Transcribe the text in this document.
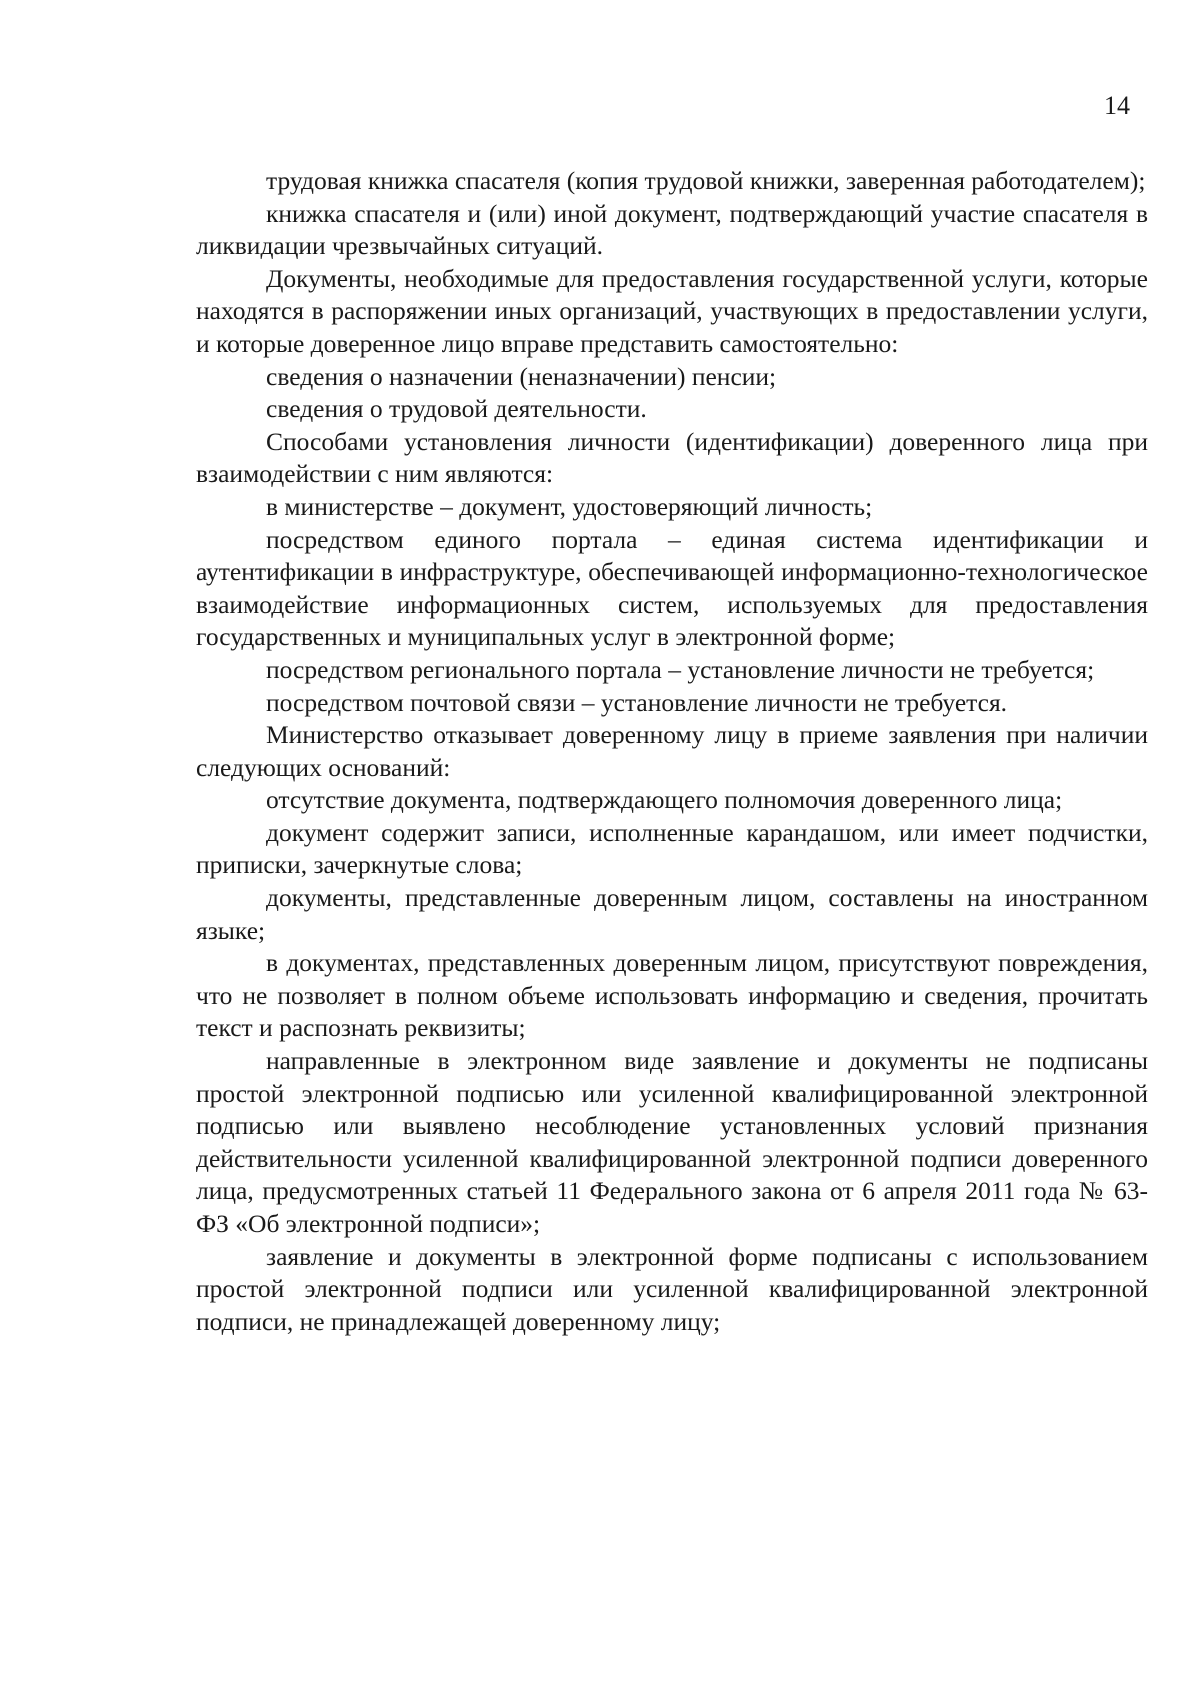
14

трудовая книжка спасателя (копия трудовой книжки, заверенная работодателем);

книжка спасателя и (или) иной документ, подтверждающий участие спасателя в ликвидации чрезвычайных ситуаций.

Документы, необходимые для предоставления государственной услуги, которые находятся в распоряжении иных организаций, участвующих в предоставлении услуги, и которые доверенное лицо вправе представить самостоятельно:

сведения о назначении (неназначении) пенсии;

сведения о трудовой деятельности.

Способами установления личности (идентификации) доверенного лица при взаимодействии с ним являются:

в министерстве – документ, удостоверяющий личность;

посредством единого портала – единая система идентификации и аутентификации в инфраструктуре, обеспечивающей информационно-технологическое взаимодействие информационных систем, используемых для предоставления государственных и муниципальных услуг в электронной форме;

посредством регионального портала – установление личности не требуется;

посредством почтовой связи – установление личности не требуется.

Министерство отказывает доверенному лицу в приеме заявления при наличии следующих оснований:

отсутствие документа, подтверждающего полномочия доверенного лица;

документ содержит записи, исполненные карандашом, или имеет подчистки, приписки, зачеркнутые слова;

документы, представленные доверенным лицом, составлены на иностранном языке;

в документах, представленных доверенным лицом, присутствуют повреждения, что не позволяет в полном объеме использовать информацию и сведения, прочитать текст и распознать реквизиты;

направленные в электронном виде заявление и документы не подписаны простой электронной подписью или усиленной квалифицированной электронной подписью или выявлено несоблюдение установленных условий признания действительности усиленной квалифицированной электронной подписи доверенного лица, предусмотренных статьей 11 Федерального закона от 6 апреля 2011 года № 63-ФЗ «Об электронной подписи»;

заявление и документы в электронной форме подписаны с использованием простой электронной подписи или усиленной квалифицированной электронной подписи, не принадлежащей доверенному лицу;
